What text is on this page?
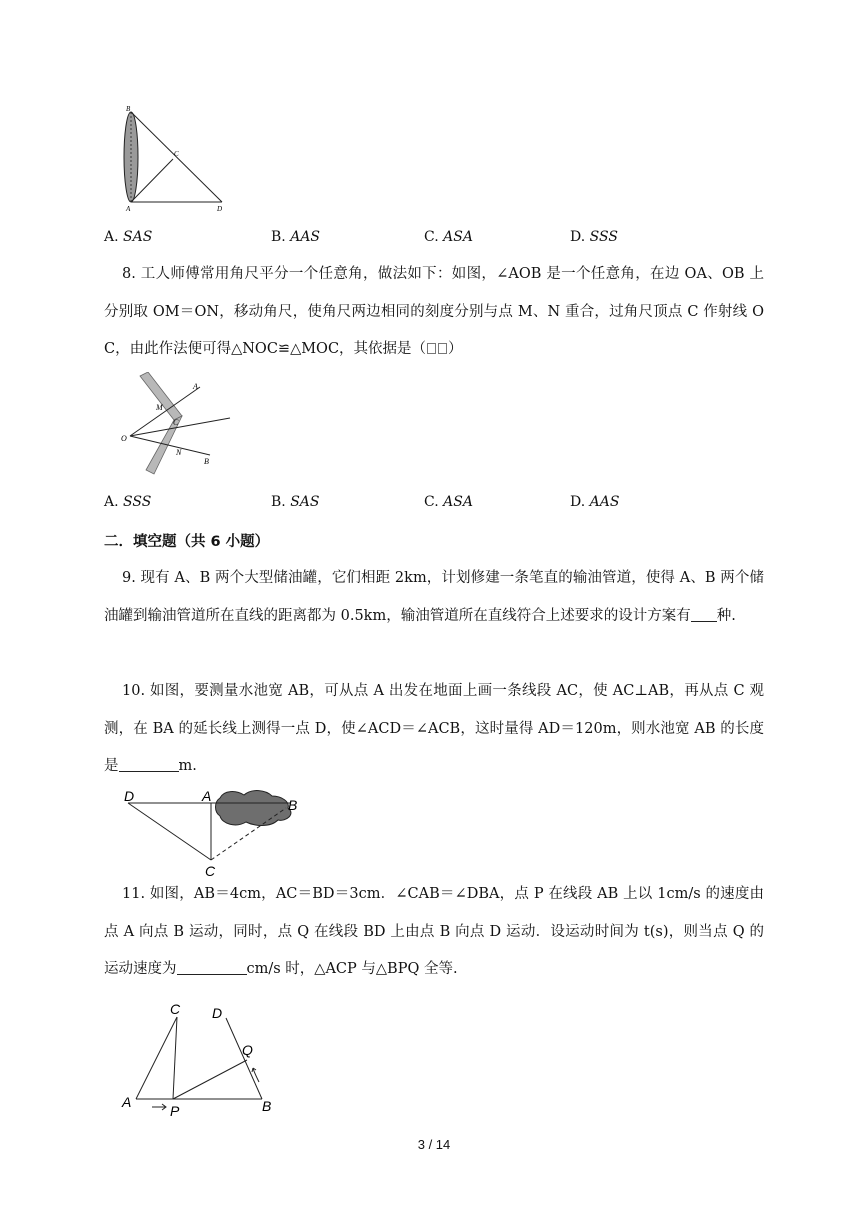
B
C
A	D
A. SAS	B. AAS	C. ASA	D. SSS
8. 工人师傅常用角尺平分一个任意角，做法如下：如图，∠AOB 是一个任意角，在边 OA、OB 上分别取 OM＝ON，移动角尺，使角尺两边相同的刻度分别与点 M、N 重合，过角尺顶点 C 作射线 OC，由此作法便可得△NOC≌△MOC，其依据是（ ）
A
M
C
O
N
B
A. SSS	B. SAS	C. ASA	D. AAS
二．填空题（共 6 小题）
9. 现有 A、B 两个大型储油罐，它们相距 2km，计划修建一条笔直的输油管道，使得 A、B 两个储油罐到输油管道所在直线的距离都为 0.5km，输油管道所在直线符合上述要求的设计方案有 种.
10. 如图，要测量水池宽 AB，可从点 A 出发在地面上画一条线段 AC，使 AC⊥AB，再从点 C 观测，在 BA 的延长线上测得一点 D，使∠ACD＝∠ACB，这时量得 AD＝120m，则水池宽 AB 的长度是	m.
D	A
B
C
11. 如图，AB＝4cm，AC＝BD＝3cm．∠CAB＝∠DBA，点 P 在线段 AB 上以 1cm/s 的速度由点 A 向点 B 运动，同时，点 Q 在线段 BD 上由点 B 向点 D 运动．设运动时间为 t(s)，则当点 Q 的运动速度为	cm/s 时，△ACP 与△BPQ 全等.
C D
Q
A
P	B
3 / 14
